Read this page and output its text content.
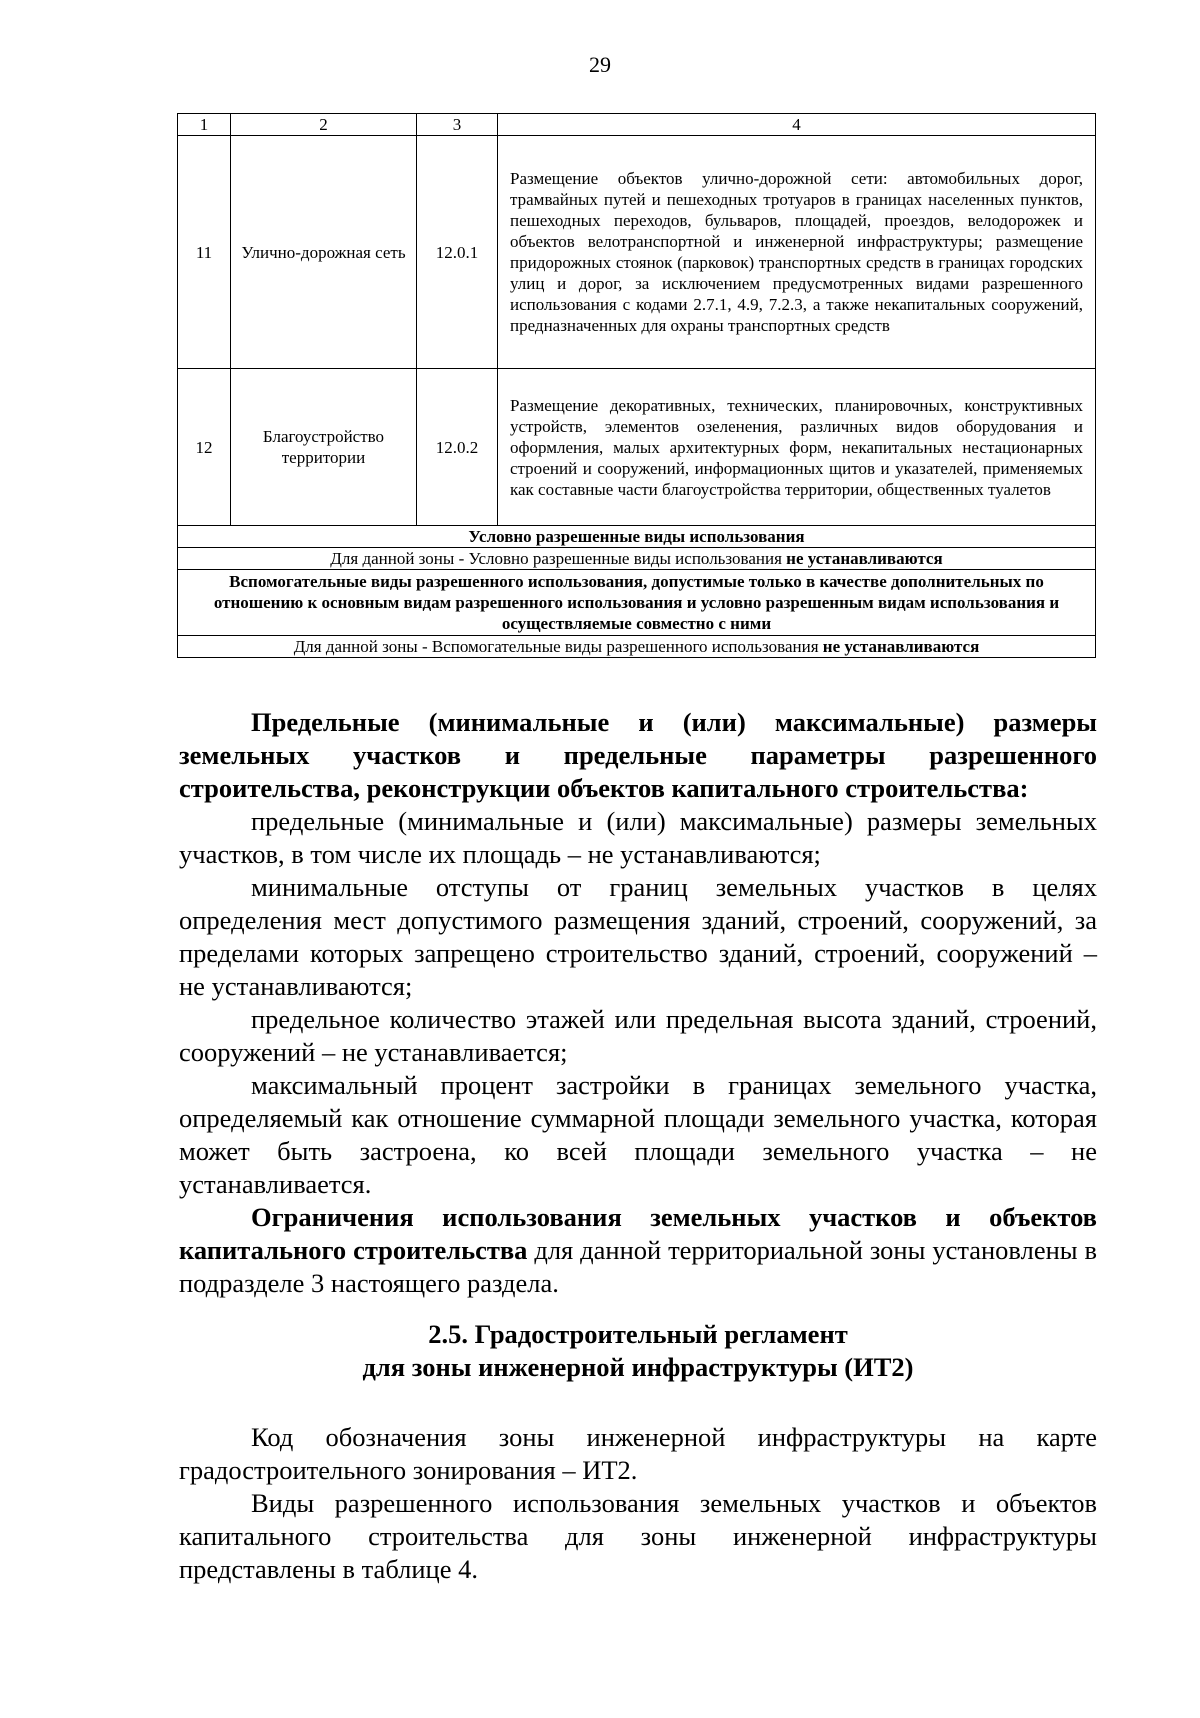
29
1	2	3	4
11	Улично-дорожная сеть	12.0.1	Размещение объектов улично-дорожной сети: автомобильных дорог, трамвайных путей и пешеходных тротуаров в границах населенных пунктов, пешеходных переходов, бульваров, площадей, проездов, велодорожек и объектов велотранспортной и инженерной инфраструктуры; размещение придорожных стоянок (парковок) транспортных средств в границах городских улиц и дорог, за исключением предусмотренных видами разрешенного использования с кодами 2.7.1, 4.9, 7.2.3, а также некапитальных сооружений, предназначенных для охраны транспортных средств
12	Благоустройство территории	12.0.2	Размещение декоративных, технических, планировочных, конструктивных устройств, элементов озеленения, различных видов оборудования и оформления, малых архитектурных форм, некапитальных нестационарных строений и сооружений, информационных щитов и указателей, применяемых как составные части благоустройства территории, общественных туалетов
Условно разрешенные виды использования			
Для данной зоны - Условно разрешенные виды использования не устанавливаются			
Вспомогательные виды разрешенного использования, допустимые только в качестве дополнительных по отношению к основным видам разрешенного использования и условно разрешенным видам использования и осуществляемые совместно с ними			
Для данной зоны - Вспомогательные виды разрешенного использования не устанавливаются			

Предельные (минимальные и (или) максимальные) размеры земельных участков и предельные параметры разрешенного строительства, реконструкции объектов капитального строительства:

предельные (минимальные и (или) максимальные) размеры земельных участков, в том числе их площадь – не устанавливаются;

минимальные отступы от границ земельных участков в целях определения мест допустимого размещения зданий, строений, сооружений, за пределами которых запрещено строительство зданий, строений, сооружений – не устанавливаются;

предельное количество этажей или предельная высота зданий, строений, сооружений – не устанавливается;

максимальный процент застройки в границах земельного участка, определяемый как отношение суммарной площади земельного участка, которая может быть застроена, ко всей площади земельного участка – не устанавливается.

Ограничения использования земельных участков и объектов капитального строительства для данной территориальной зоны установлены в подразделе 3 настоящего раздела.

2.5. Градостроительный регламент
для зоны инженерной инфраструктуры (ИТ2)

Код обозначения зоны инженерной инфраструктуры на карте градостроительного зонирования – ИТ2.

Виды разрешенного использования земельных участков и объектов капитального строительства для зоны инженерной инфраструктуры представлены в таблице 4.
